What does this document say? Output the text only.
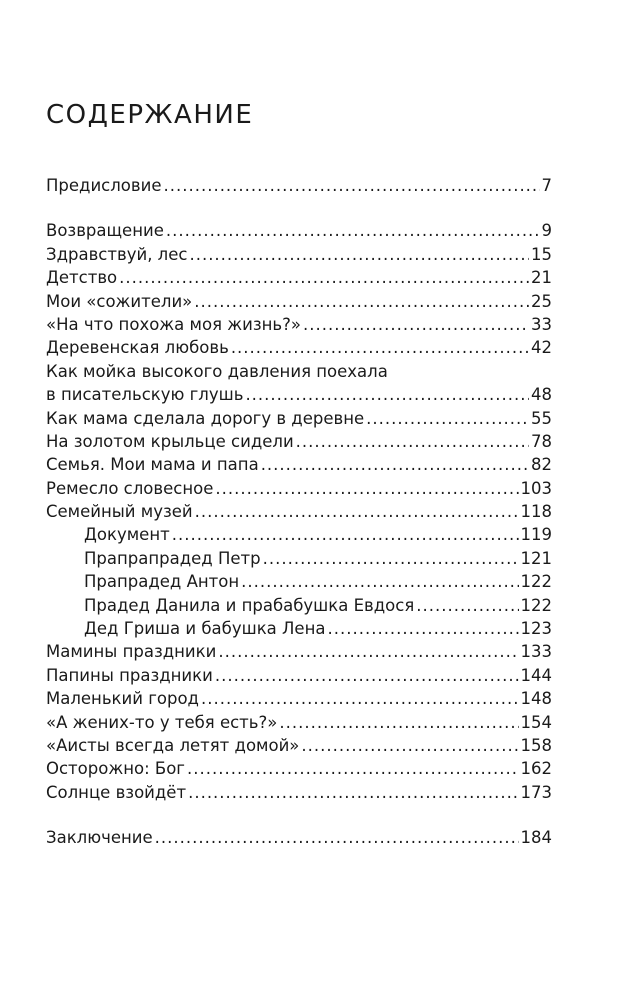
СОДЕРЖАНИЕ
Предисловие .....	7
Возвращение .....	9
Здравствуй, лес .....	15
Детство .....	21
Мои «сожители» .....	25
«На что похожа моя жизнь?» .....	33
Деревенская любовь .....	42
Как мойка высокого давления поехала
в писательскую глушь .....	48
Как мама сделала дорогу в деревне .....	55
На золотом крыльце сидели .....	78
Семья. Мои мама и папа .....	82
Ремесло словесное .....	103
Семейный музей .....	118
Документ .....	119
Прапрапрадед Петр .....	121
Прапрадед Антон .....	122
Прадед Данила и прабабушка Евдося .....	122
Дед Гриша и бабушка Лена .....	123
Мамины праздники .....	133
Папины праздники .....	144
Маленький город .....	148
«А жених-то у тебя есть?» .....	154
«Аисты всегда летят домой» .....	158
Осторожно: Бог .....	162
Солнце взойдёт .....	173
Заключение .....	184
